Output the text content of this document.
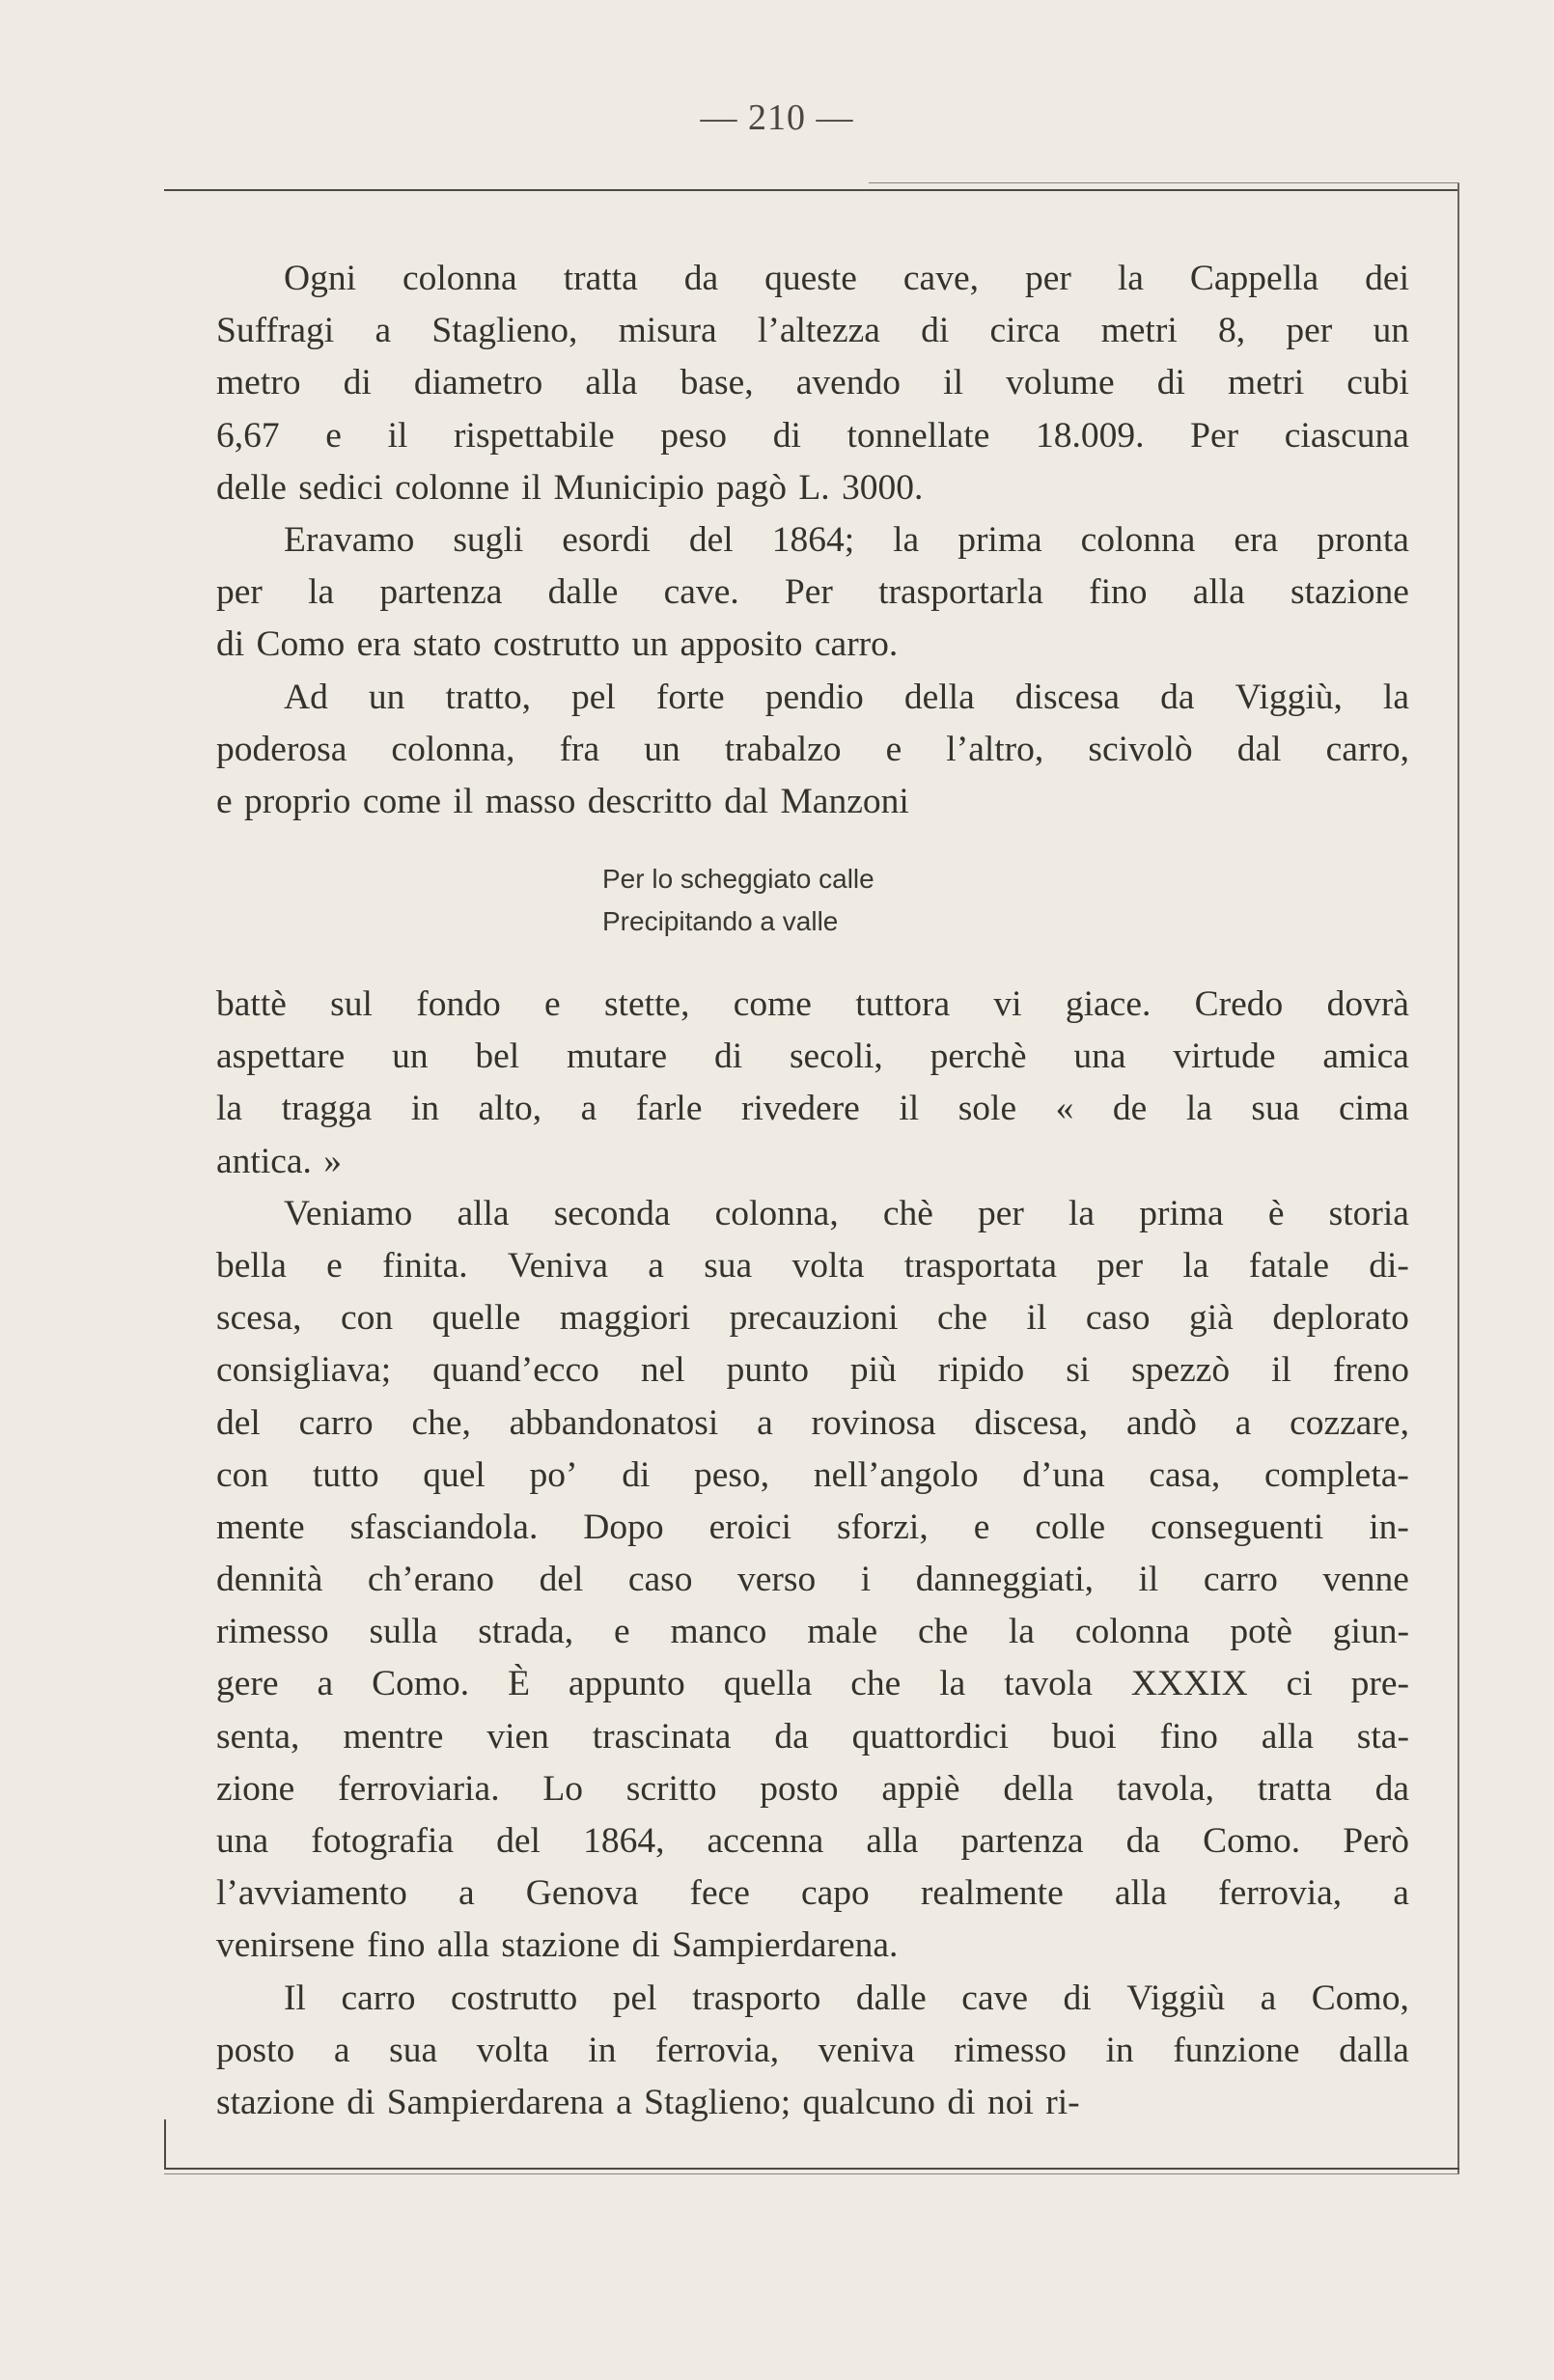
— 210 —
Ogni colonna tratta da queste cave, per la Cappella dei
Suffragi a Staglieno, misura l’altezza di circa metri 8, per un
metro di diametro alla base, avendo il volume di metri cubi
6,67 e il rispettabile peso di tonnellate 18.009. Per ciascuna
delle sedici colonne il Municipio pagò L. 3000.
Eravamo sugli esordi del 1864; la prima colonna era pronta
per la partenza dalle cave. Per trasportarla fino alla stazione
di Como era stato costrutto un apposito carro.
Ad un tratto, pel forte pendio della discesa da Viggiù, la
poderosa colonna, fra un trabalzo e l’altro, scivolò dal carro,
e proprio come il masso descritto dal Manzoni
Per lo scheggiato calle
Precipitando a valle
battè sul fondo e stette, come tuttora vi giace. Credo dovrà
aspettare un bel mutare di secoli, perchè una virtude amica
la tragga in alto, a farle rivedere il sole « de la sua cima
antica. »
Veniamo alla seconda colonna, chè per la prima è storia
bella e finita. Veniva a sua volta trasportata per la fatale di-
scesa, con quelle maggiori precauzioni che il caso già deplorato
consigliava; quand’ecco nel punto più ripido si spezzò il freno
del carro che, abbandonatosi a rovinosa discesa, andò a cozzare,
con tutto quel po’ di peso, nell’angolo d’una casa, completa-
mente sfasciandola. Dopo eroici sforzi, e colle conseguenti in-
dennità ch’erano del caso verso i danneggiati, il carro venne
rimesso sulla strada, e manco male che la colonna potè giun-
gere a Como. È appunto quella che la tavola XXXIX ci pre-
senta, mentre vien trascinata da quattordici buoi fino alla sta-
zione ferroviaria. Lo scritto posto appiè della tavola, tratta da
una fotografia del 1864, accenna alla partenza da Como. Però
l’avviamento a Genova fece capo realmente alla ferrovia, a
venirsene fino alla stazione di Sampierdarena.
Il carro costrutto pel trasporto dalle cave di Viggiù a Como,
posto a sua volta in ferrovia, veniva rimesso in funzione dalla
stazione di Sampierdarena a Staglieno; qualcuno di noi ri-
